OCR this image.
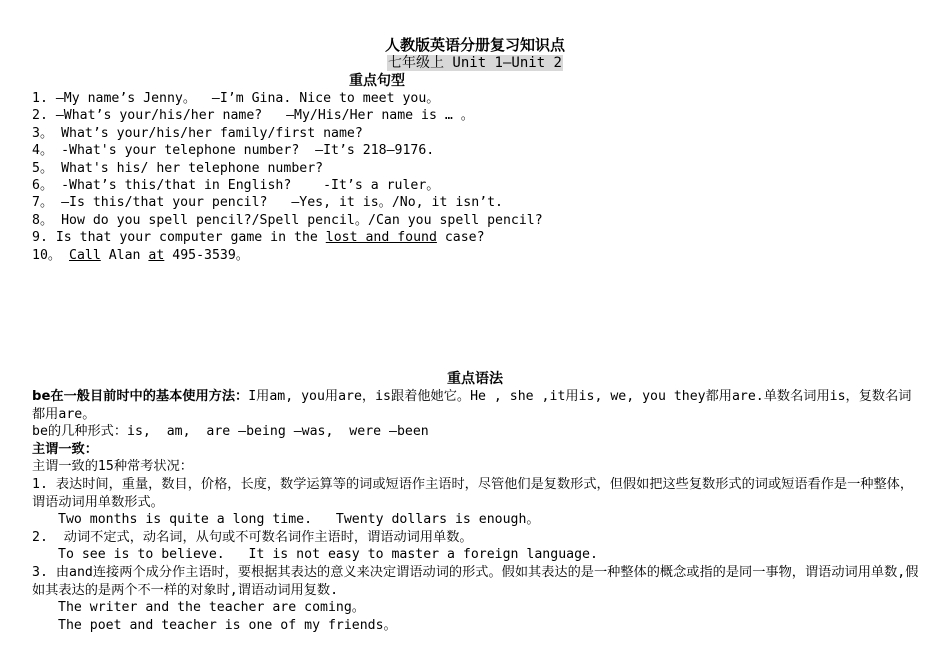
人教版英语分册复习知识点
七年级上 Unit 1—Unit 2
重点句型
1. —My name’s Jenny。  —I’m Gina. Nice to meet you。
2. —What’s your/his/her name?   —My/His/Her name is … 。
3。 What’s your/his/her family/first name?
4。 -What's your telephone number?  —It’s 218—9176.
5。 What's his/ her telephone number?
6。 -What’s this/that in English?    -It’s a ruler。
7。 —Is this/that your pencil?   —Yes, it is。/No, it isn’t.
8。 How do you spell pencil?/Spell pencil。/Can you spell pencil?
9. Is that your computer game in the lost and found case?
10。 Call Alan at 495-3539。
重点语法
be在一般目前时中的基本使用方法：I用am, you用are，is跟着他她它。He , she ,it用is, we, you they都用are.单数名词用is，复数名词都用are。
be的几种形式：is,  am,  are —being —was,  were —been
主谓一致：
主谓一致的15种常考状况：
1. 表达时间，重量，数目，价格，长度，数学运算等的词或短语作主语时，尽管他们是复数形式，但假如把这些复数形式的词或短语看作是一种整体，谓语动词用单数形式。
Two months is quite a long time.   Twenty dollars is enough。
2.  动词不定式，动名词，从句或不可数名词作主语时，谓语动词用单数。
To see is to believe.   It is not easy to master a foreign language.
3. 由and连接两个成分作主语时，要根据其表达的意义来决定谓语动词的形式。假如其表达的是一种整体的概念或指的是同一事物，谓语动词用单数,假如其表达的是两个不一样的对象时,谓语动词用复数.
The writer and the teacher are coming。
The poet and teacher is one of my friends。
